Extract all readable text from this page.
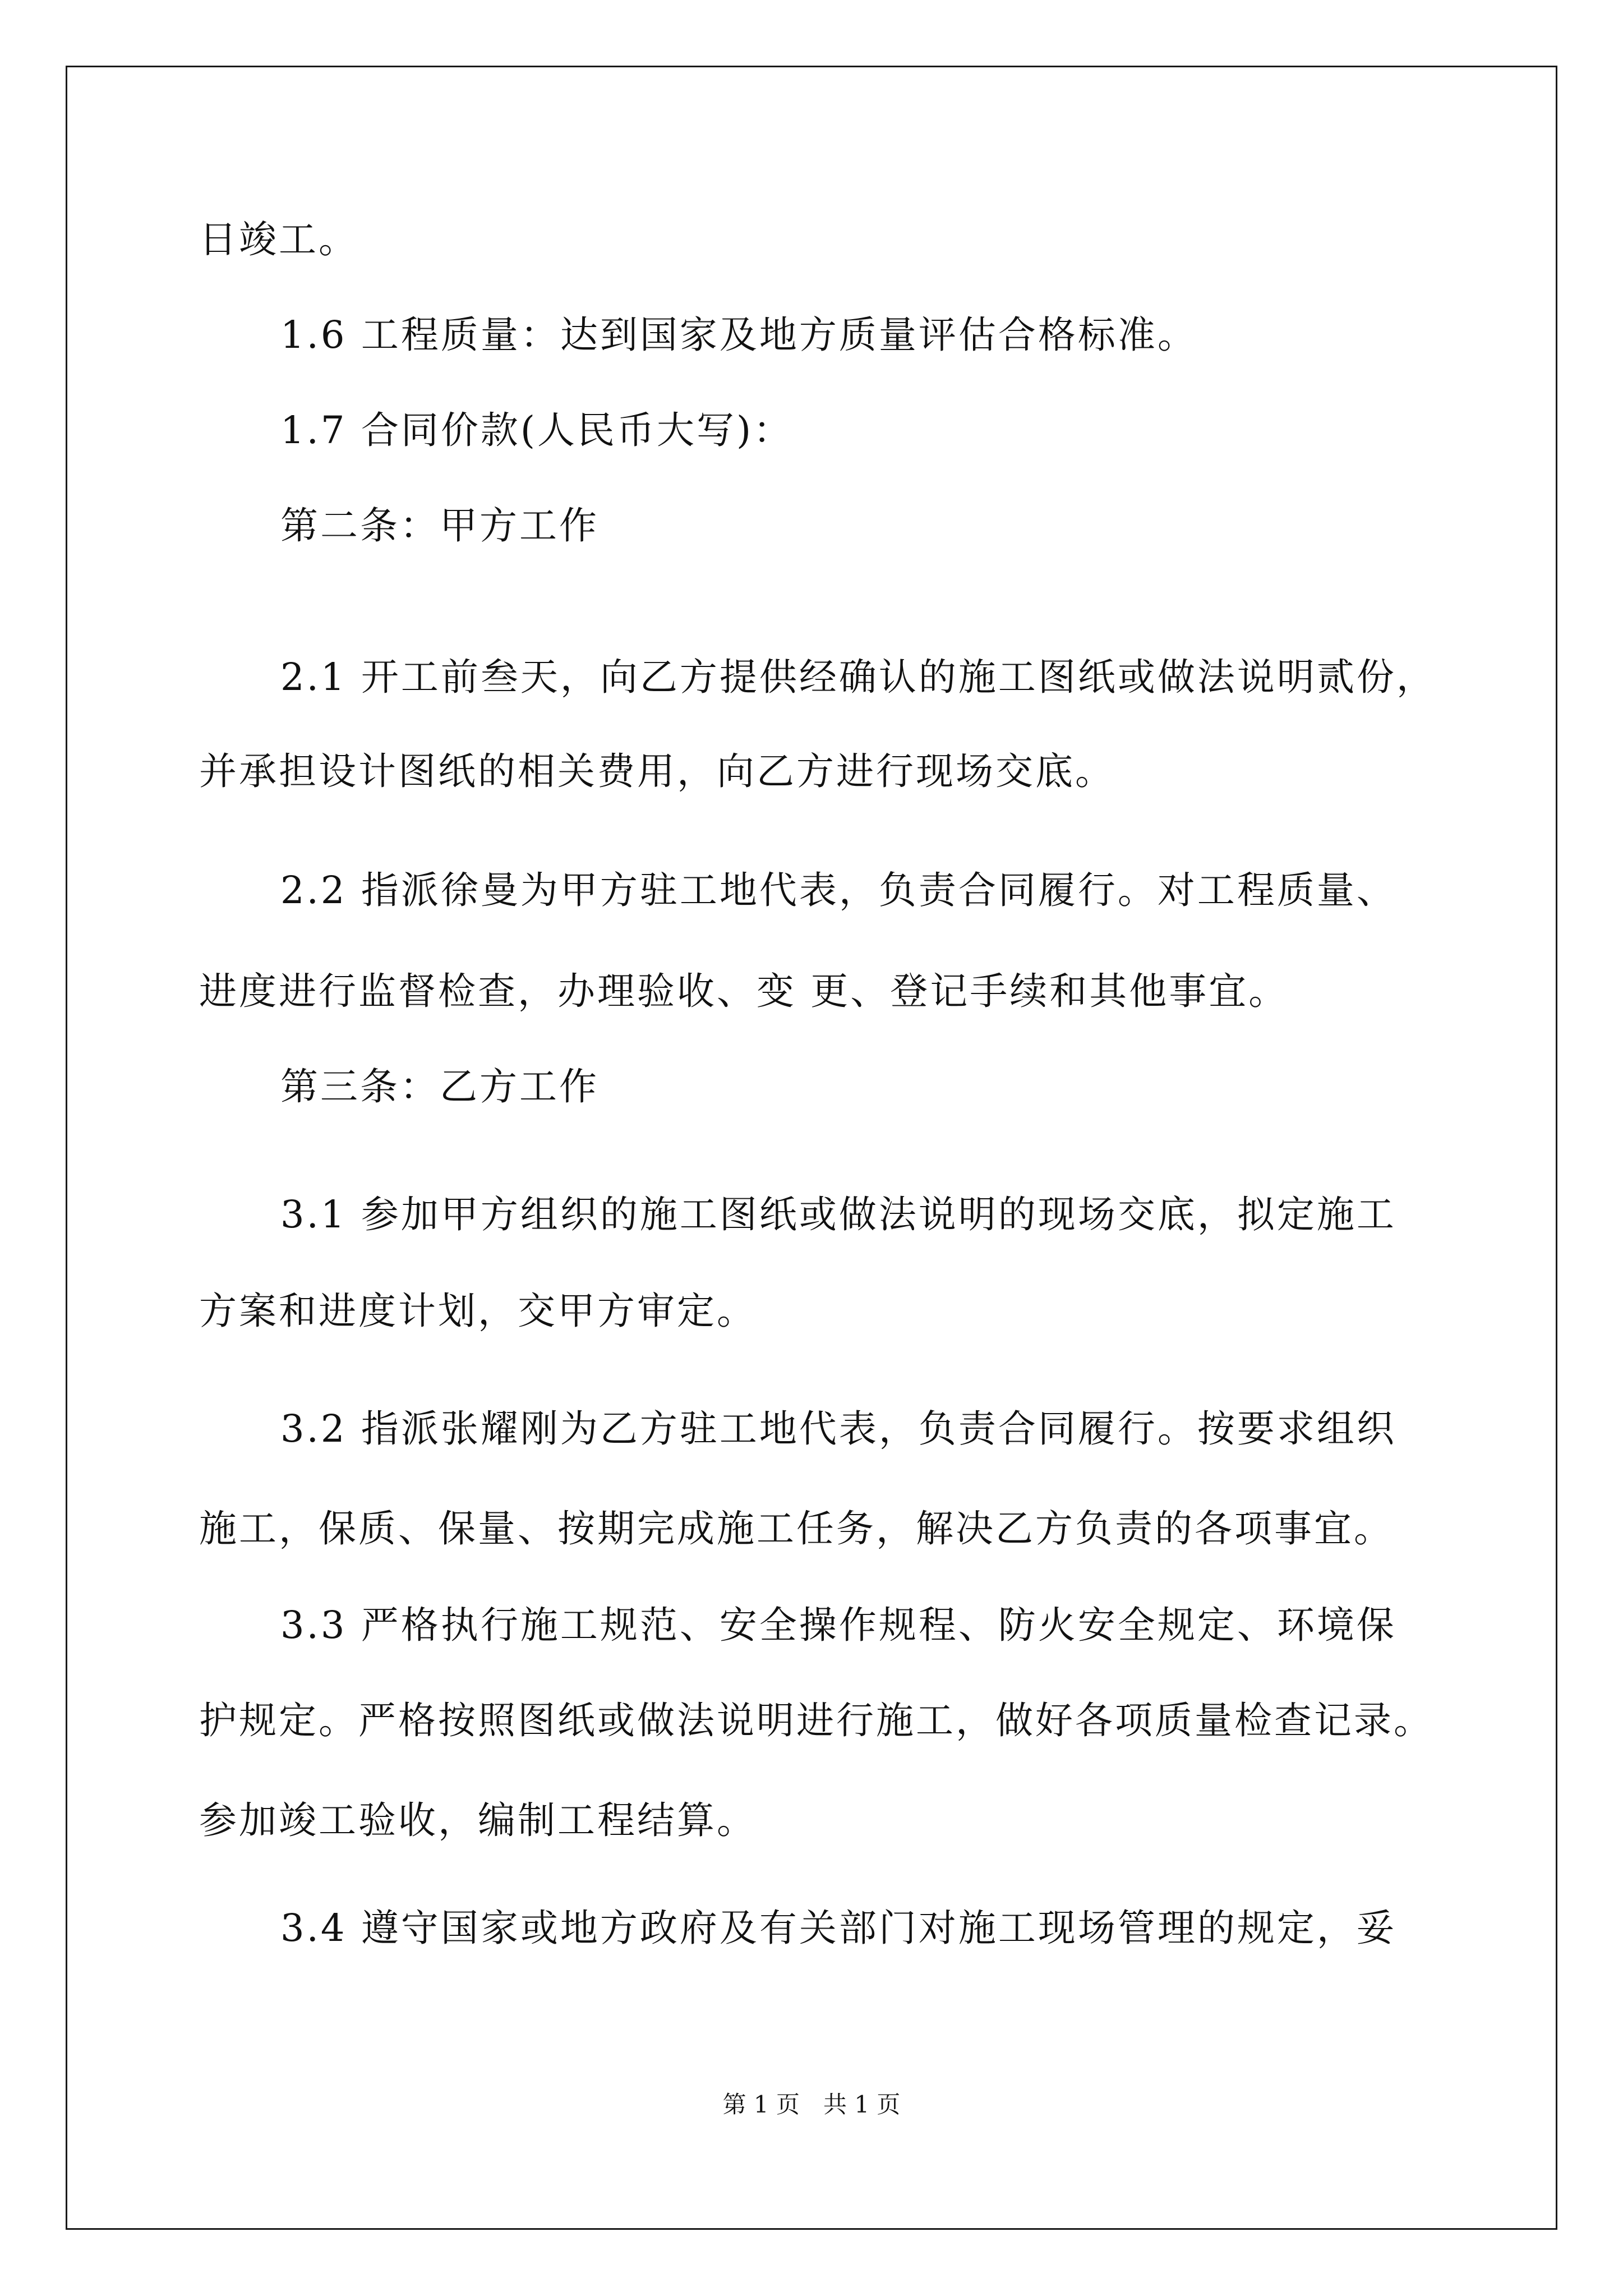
日竣工。
1.6 工程质量：达到国家及地方质量评估合格标准。
1.7 合同价款(人民币大写)：
第二条：甲方工作
2.1 开工前叁天，向乙方提供经确认的施工图纸或做法说明贰份，
并承担设计图纸的相关费用，向乙方进行现场交底。
2.2 指派徐曼为甲方驻工地代表，负责合同履行。对工程质量、
进度进行监督检查，办理验收、变 更、登记手续和其他事宜。
第三条：乙方工作
3.1 参加甲方组织的施工图纸或做法说明的现场交底，拟定施工
方案和进度计划，交甲方审定。
3.2 指派张耀刚为乙方驻工地代表，负责合同履行。按要求组织
施工，保质、保量、按期完成施工任务，解决乙方负责的各项事宜。
3.3 严格执行施工规范、安全操作规程、防火安全规定、环境保
护规定。严格按照图纸或做法说明进行施工，做好各项质量检查记录。
参加竣工验收，编制工程结算。
3.4 遵守国家或地方政府及有关部门对施工现场管理的规定，妥
第 1 页　共 1 页
